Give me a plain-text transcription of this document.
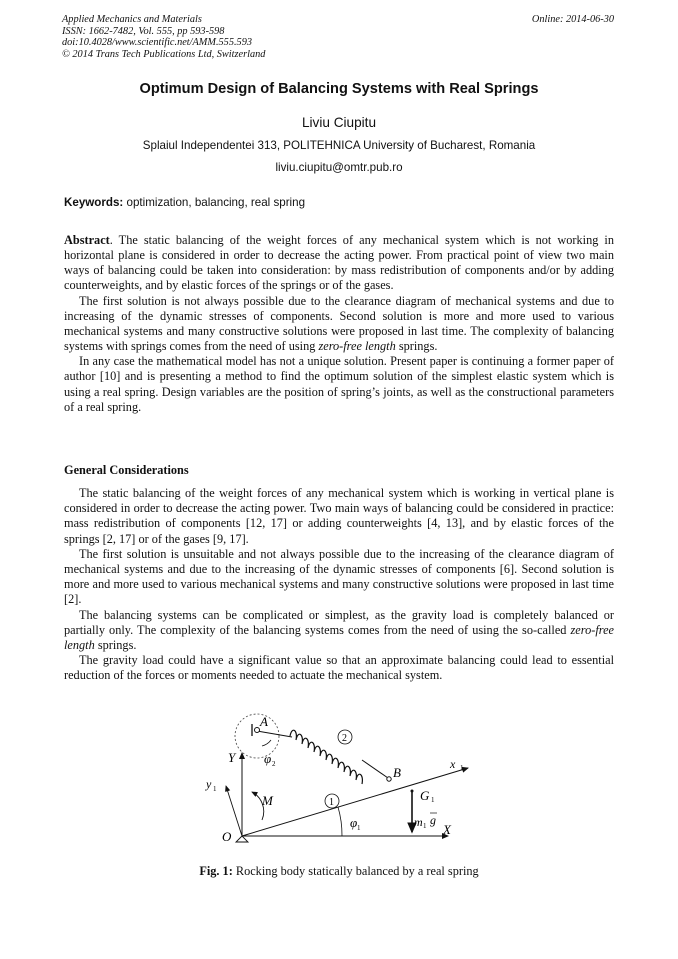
Applied Mechanics and Materials
ISSN: 1662-7482, Vol. 555, pp 593-598
doi:10.4028/www.scientific.net/AMM.555.593
© 2014 Trans Tech Publications Ltd, Switzerland
Online: 2014-06-30
Optimum Design of Balancing Systems with Real Springs
Liviu Ciupitu
Splaiul Independentei 313, POLITEHNICA University of Bucharest, Romania
liviu.ciupitu@omtr.pub.ro
Keywords: optimization, balancing, real spring

Abstract. The static balancing of the weight forces of any mechanical system which is not working in horizontal plane is considered in order to decrease the acting power. From practical point of view two main ways of balancing could be taken into consideration: by mass redistribution of components and/or by adding counterweights, and by elastic forces of the springs or of the gases.

The first solution is not always possible due to the clearance diagram of mechanical systems and due to increasing of the dynamic stresses of components. Second solution is more and more used to various mechanical systems and many constructive solutions were proposed in last time. The complexity of balancing systems with springs comes from the need of using zero-free length springs.

In any case the mathematical model has not a unique solution. Present paper is continuing a former paper of author [10] and is presenting a method to find the optimum solution of the simplest elastic system which is using a real spring. Design variables are the position of spring’s joints, as well as the constructional parameters of a real spring.

General Considerations

The static balancing of the weight forces of any mechanical system which is working in vertical plane is considered in order to decrease the acting power. Two main ways of balancing could be considered in practice: mass redistribution of components [12, 17] or adding counterweights [4, 13], and by elastic forces of the springs [2, 17] or of the gases [9, 17].

The first solution is unsuitable and not always possible due to the increasing of the clearance diagram of mechanical systems and due to the increasing of the dynamic stresses of components [6]. Second solution is more and more used to various mechanical systems and many constructive solutions were proposed in last time [2].

The balancing systems can be complicated or simplest, as the gravity load is completely balanced or partially only. The complexity of the balancing systems comes from the need of using the so-called zero-free length springs.

The gravity load could have a significant value so that an approximate balancing could lead to essential reduction of the forces or moments needed to actuate the mechanical system.

1
2
A
B
O	X
Y	x 1
y 1
M	G 1
m 1 g
φ 1
φ 2
Fig. 1: Rocking body statically balanced by a real spring
